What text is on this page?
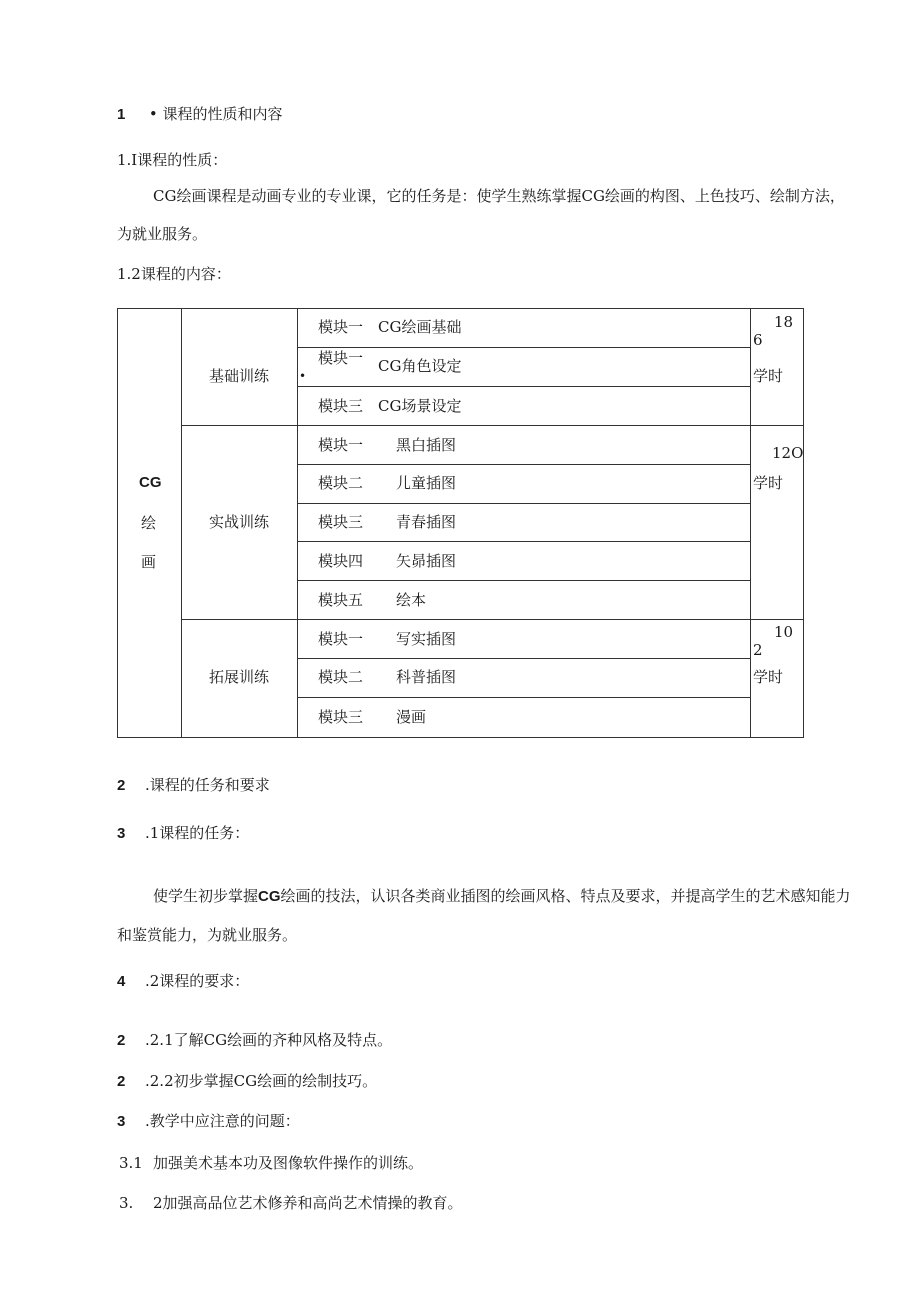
1 • 课程的性质和内容
1.I课程的性质：
CG绘画课程是动画专业的专业课，它的任务是：使学生熟练掌握CG绘画的构图、上色技巧、绘制方法，为就业服务。
1.2课程的内容：
CG
绘
画
基础训练
实战训练
拓展训练
模块一 CG绘画基础
模块一
•
CG角色设定
模块三 CG场景设定
模块一 黑白插图
模块二 儿童插图
模块三 青春插图
模块四 矢昴插图
模块五 绘本
模块一 写实插图
模块二 科普插图
模块三 漫画
18
6
学时
12O
学时
10
2
学时
2 .课程的任务和要求
3 .1课程的任务：
使学生初步掌握CG绘画的技法，认识各类商业插图的绘画风格、特点及要求，并提高学生的艺术感知能力和鉴赏能力，为就业服务。
4 .2课程的要求：
2 .2.1了解CG绘画的齐种风格及特点。
2 .2.2初步掌握CG绘画的绘制技巧。
3 .教学中应注意的问题：
3.1 加强美术基本功及图像软件操作的训练。
3. 2加强高品位艺术修养和高尚艺术情操的教育。
